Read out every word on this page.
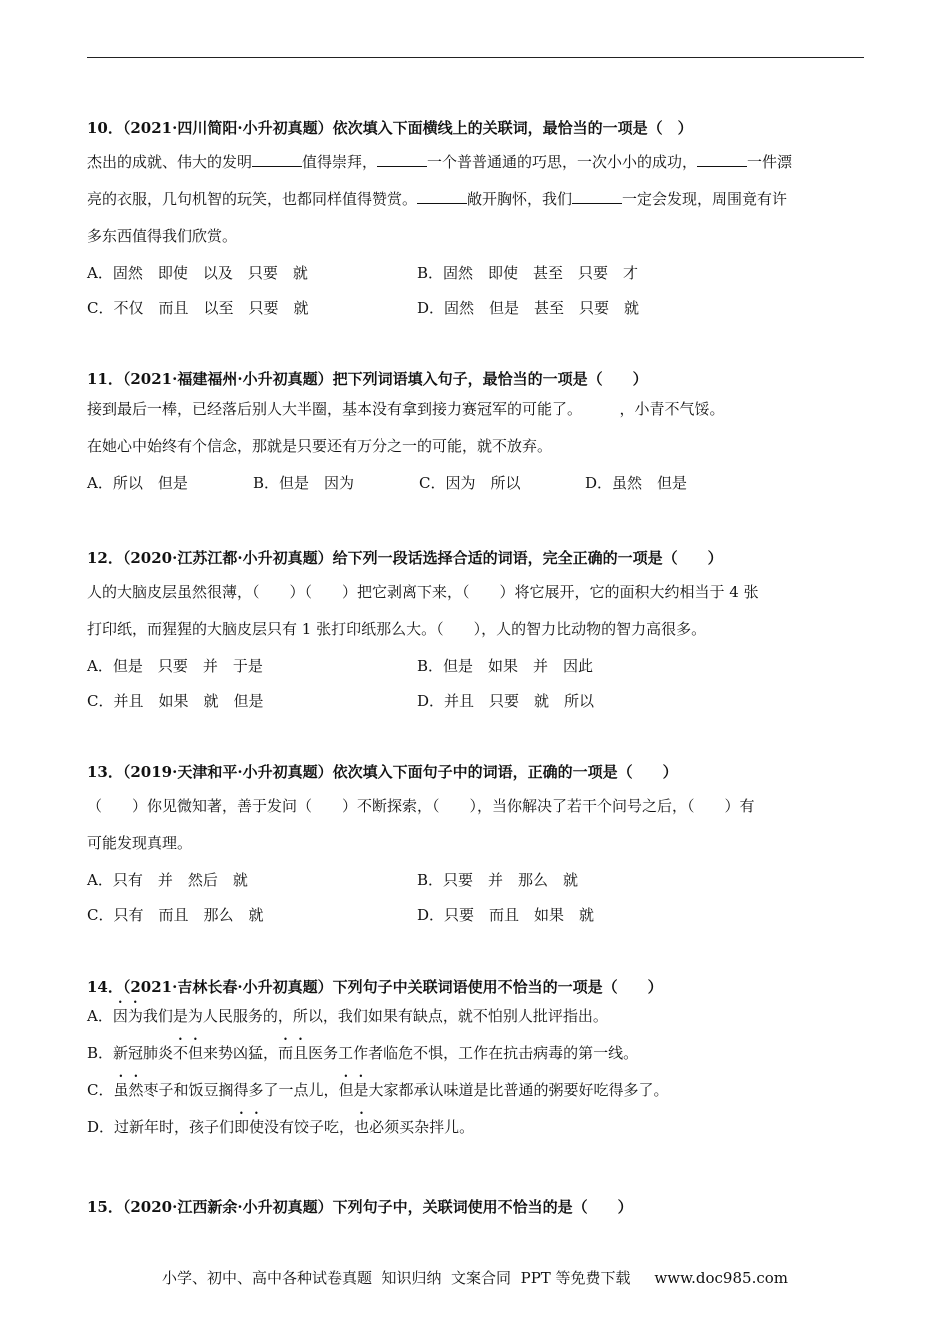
10．（2021·四川简阳·小升初真题）依次填入下面横线上的关联词，最恰当的一项是（　）

杰出的成就、伟大的发明	值得崇拜，	一个普普通通的巧思，一次小小的成功，	一件漂

亮的衣服，几句机智的玩笑，也都同样值得赞赏。	敞开胸怀，我们	一定会发现，周围竟有许

多东西值得我们欣赏。

A．固然　即使　以及　只要　就	B．固然　即使　甚至　只要　才
C．不仅　而且　以至　只要　就	D．固然　但是　甚至　只要　就

11．（2021·福建福州·小升初真题）把下列词语填入句子，最恰当的一项是（　　）

接到最后一棒，已经落后别人大半圈，基本没有拿到接力赛冠军的可能了。　　　，小青不气馁。

在她心中始终有个信念，那就是只要还有万分之一的可能，就不放弃。

A．所以　但是	B．但是　因为	C．因为　所以	D．虽然　但是

12．（2020·江苏江都·小升初真题）给下列一段话选择合适的词语，完全正确的一项是（　　）

人的大脑皮层虽然很薄，（　　）（　　）把它剥离下来，（　　）将它展开，它的面积大约相当于 4 张

打印纸，而猩猩的大脑皮层只有 1 张打印纸那么大。（　　），人的智力比动物的智力高很多。

A．但是　只要　并　于是	B．但是　如果　并　因此
C．并且　如果　就　但是	D．并且　只要　就　所以

13．（2019·天津和平·小升初真题）依次填入下面句子中的词语，正确的一项是（　　）

（　　）你见微知著，善于发问（　　）不断探索，（　　），当你解决了若干个问号之后，（　　）有

可能发现真理。

A．只有　并　然后　就	B．只要　并　那么　就
C．只有　而且　那么　就	D．只要　而且　如果　就

14．（2021·吉林长春·小升初真题）下列句子中关联词语使用不恰当的一项是（　　）

A．因为我们是为人民服务的，所以，我们如果有缺点，就不怕别人批评指出。

B．新冠肺炎不但来势凶猛，而且医务工作者临危不惧，工作在抗击病毒的第一线。

C．虽然枣子和饭豆搁得多了一点儿，但是大家都承认味道是比普通的粥要好吃得多了。

D．过新年时，孩子们即使没有饺子吃，也必须买杂拌儿。

15．（2020·江西新余·小升初真题）下列句子中，关联词使用不恰当的是（　　）

小学、初中、高中各种试卷真题  知识归纳  文案合同  PPT 等免费下载     www.doc985.com
